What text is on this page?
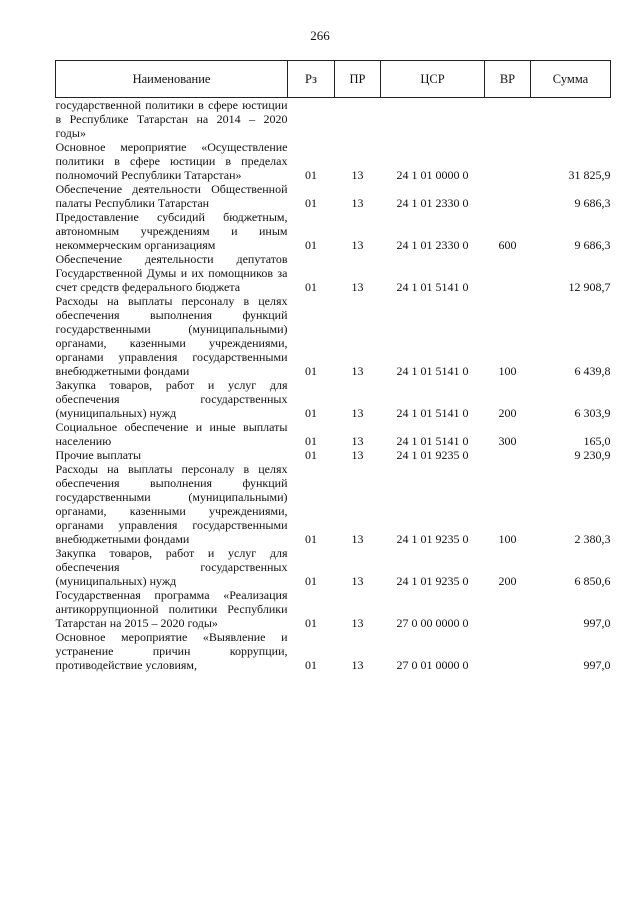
266
Наименование	Рз	ПР	ЦСР	ВР	Сумма
государственной политики в сфере юстиции в Республике Татарстан на 2014 – 2020 годы»					
Основное мероприятие «Осуществление политики в сфере юстиции в пределах полномочий Республики Татарстан»	01	13	24 1 01 0000 0		31 825,9
Обеспечение деятельности Общественной палаты Республики Татарстан	01	13	24 1 01 2330 0		9 686,3
Предоставление субсидий бюджетным, автономным учреждениям и иным некоммерческим организациям	01	13	24 1 01 2330 0	600	9 686,3
Обеспечение деятельности депутатов Государственной Думы и их помощников за счет средств федерального бюджета	01	13	24 1 01 5141 0		12 908,7
Расходы на выплаты персоналу в целях обеспечения выполнения функций государственными (муниципальными) органами, казенными учреждениями, органами управления государственными внебюджетными фондами	01	13	24 1 01 5141 0	100	6 439,8
Закупка товаров, работ и услуг для обеспечения государственных (муниципальных) нужд	01	13	24 1 01 5141 0	200	6 303,9
Социальное обеспечение и иные выплаты населению	01	13	24 1 01 5141 0	300	165,0
Прочие выплаты	01	13	24 1 01 9235 0		9 230,9
Расходы на выплаты персоналу в целях обеспечения выполнения функций государственными (муниципальными) органами, казенными учреждениями, органами управления государственными внебюджетными фондами	01	13	24 1 01 9235 0	100	2 380,3
Закупка товаров, работ и услуг для обеспечения государственных (муниципальных) нужд	01	13	24 1 01 9235 0	200	6 850,6
Государственная программа «Реализация антикоррупционной политики Республики Татарстан на 2015 – 2020 годы»	01	13	27 0 00 0000 0		997,0
Основное мероприятие «Выявление и устранение причин коррупции, противодействие условиям,	01	13	27 0 01 0000 0		997,0
